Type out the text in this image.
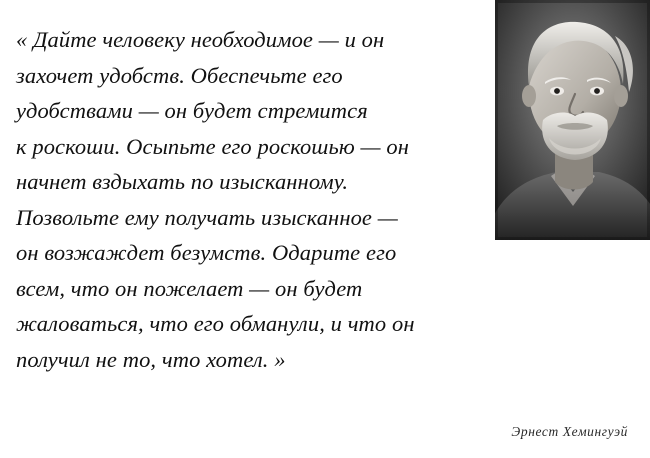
« Дайте человеку необходимое — и он
захочет удобств. Обеспечьте его
удобствами — он будет стремится
к роскоши. Осыпьте его роскошью — он
начнет вздыхать по изысканному.
Позвольте ему получать изысканное —
он возжаждет безумств. Одарите его
всем, что он пожелает — он будет
жаловаться, что его обманули, и что он
получил не то, что хотел. »
Эрнест Хемингуэй
